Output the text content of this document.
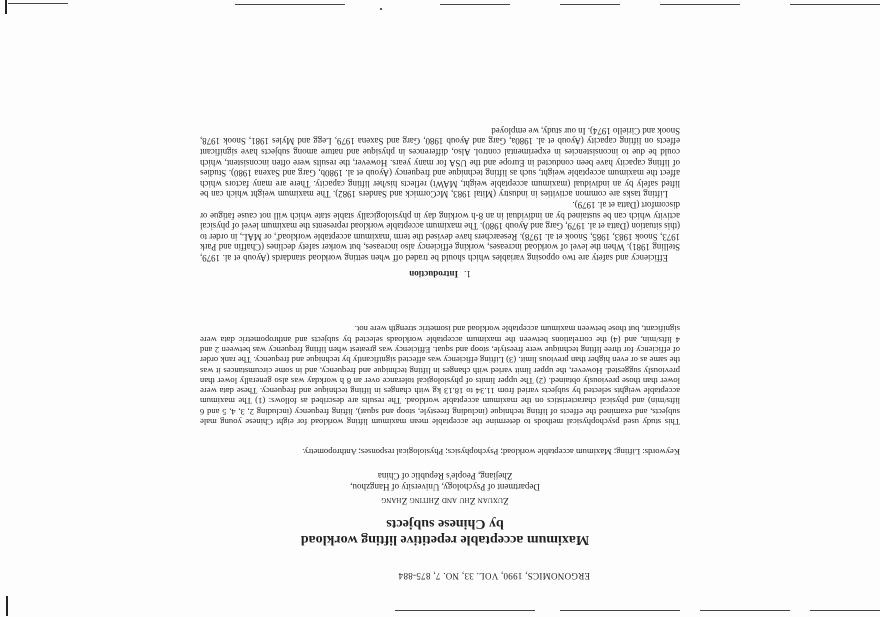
ERGONOMICS, 1990, VOL. 33, NO. 7, 875-884
Maximum acceptable repetitive lifting workload
by Chinese subjects
Zuxuan Zhu and Zhiting Zhang
Department of Psychology, University of Hangzhou,
Zhejiang, People's Republic of China
Keywords: Lifting; Maximum acceptable workload; Psychophysics; Physiological responses; Anthropometry.
This study used psychophysical methods to determine the acceptable mean maximum lifting workload for eight Chinese young male subjects, and examined the effects of lifting technique (including freestyle, stoop and squat), lifting frequency (including 2, 3, 4, 5 and 6 lifts/min) and physical characteristics on the maximum acceptable workload. The results are described as follows: (1) The maximum acceptable weights selected by subjects varied from 11.34 to 18.13 kg with changes in lifting technique and frequency. These data were lower than those previously obtained. (2) The upper limits of physiological tolerance over an 8 h workday was also generally lower than previously suggested. However, the upper limit varied with changes in lifting technique and frequency, and in some circumstances it was the same as or even higher than previous limit. (3) Lifting efficiency was affected significantly by technique and frequency. The rank order of efficiency for three lifting technique were freestyle, stoop and squat. Efficiency was greatest when lifting frequency was between 2 and 4 lifts/min, and (4) the correlations between the maximum acceptable workloads selected by subjects and anthropometric data were significant, but those between maximum acceptable workload and isometric strength were not.
1.Introduction

Efficiency and safety are two opposing variables which should be traded off when setting workload standards (Ayoub et al. 1979, Stelling 1981). When the level of workload increases, working efficiency also increases, but worker safety declines (Chaffin and Park 1973, Snook 1983, 1985, Snook et al. 1978). Researchers have devised the term 'maximum acceptable workload', or MAL, in order to (this situation (Datta et al. 1979, Garg and Ayoub 1980). The maximum acceptable workload represents the maximum level of physical activity which can be sustained by an individual in an 8-h working day in physiologically stable state which will not cause fatigue or discomfort (Datta et al. 1979).

Lifting tasks are common activities in industry (Mital 1983, McCormick and Sanders 1982). The maximum weight which can be lifted safely by an individual (maximum acceptable weight, MAWt) reflects his/her lifting capacity. There are many factors which affect the maximum acceptable weight, such as lifting technique and frequency (Ayoub et al. 1980b, Garg and Saxena 1980). Studies of lifting capacity have been conducted in Europe and the USA for many years. However, the results were often inconsistent, which could be due to inconsistencies in experimental control. Also, differences in physique and nature among subjects have significant effects on lifting capacity (Ayoub et al. 1980a, Garg and Ayoub 1980, Garg and Saxena 1979, Legg and Myles 1981, Snook 1978, Snook and Ciriello 1974). In our study, we employed
